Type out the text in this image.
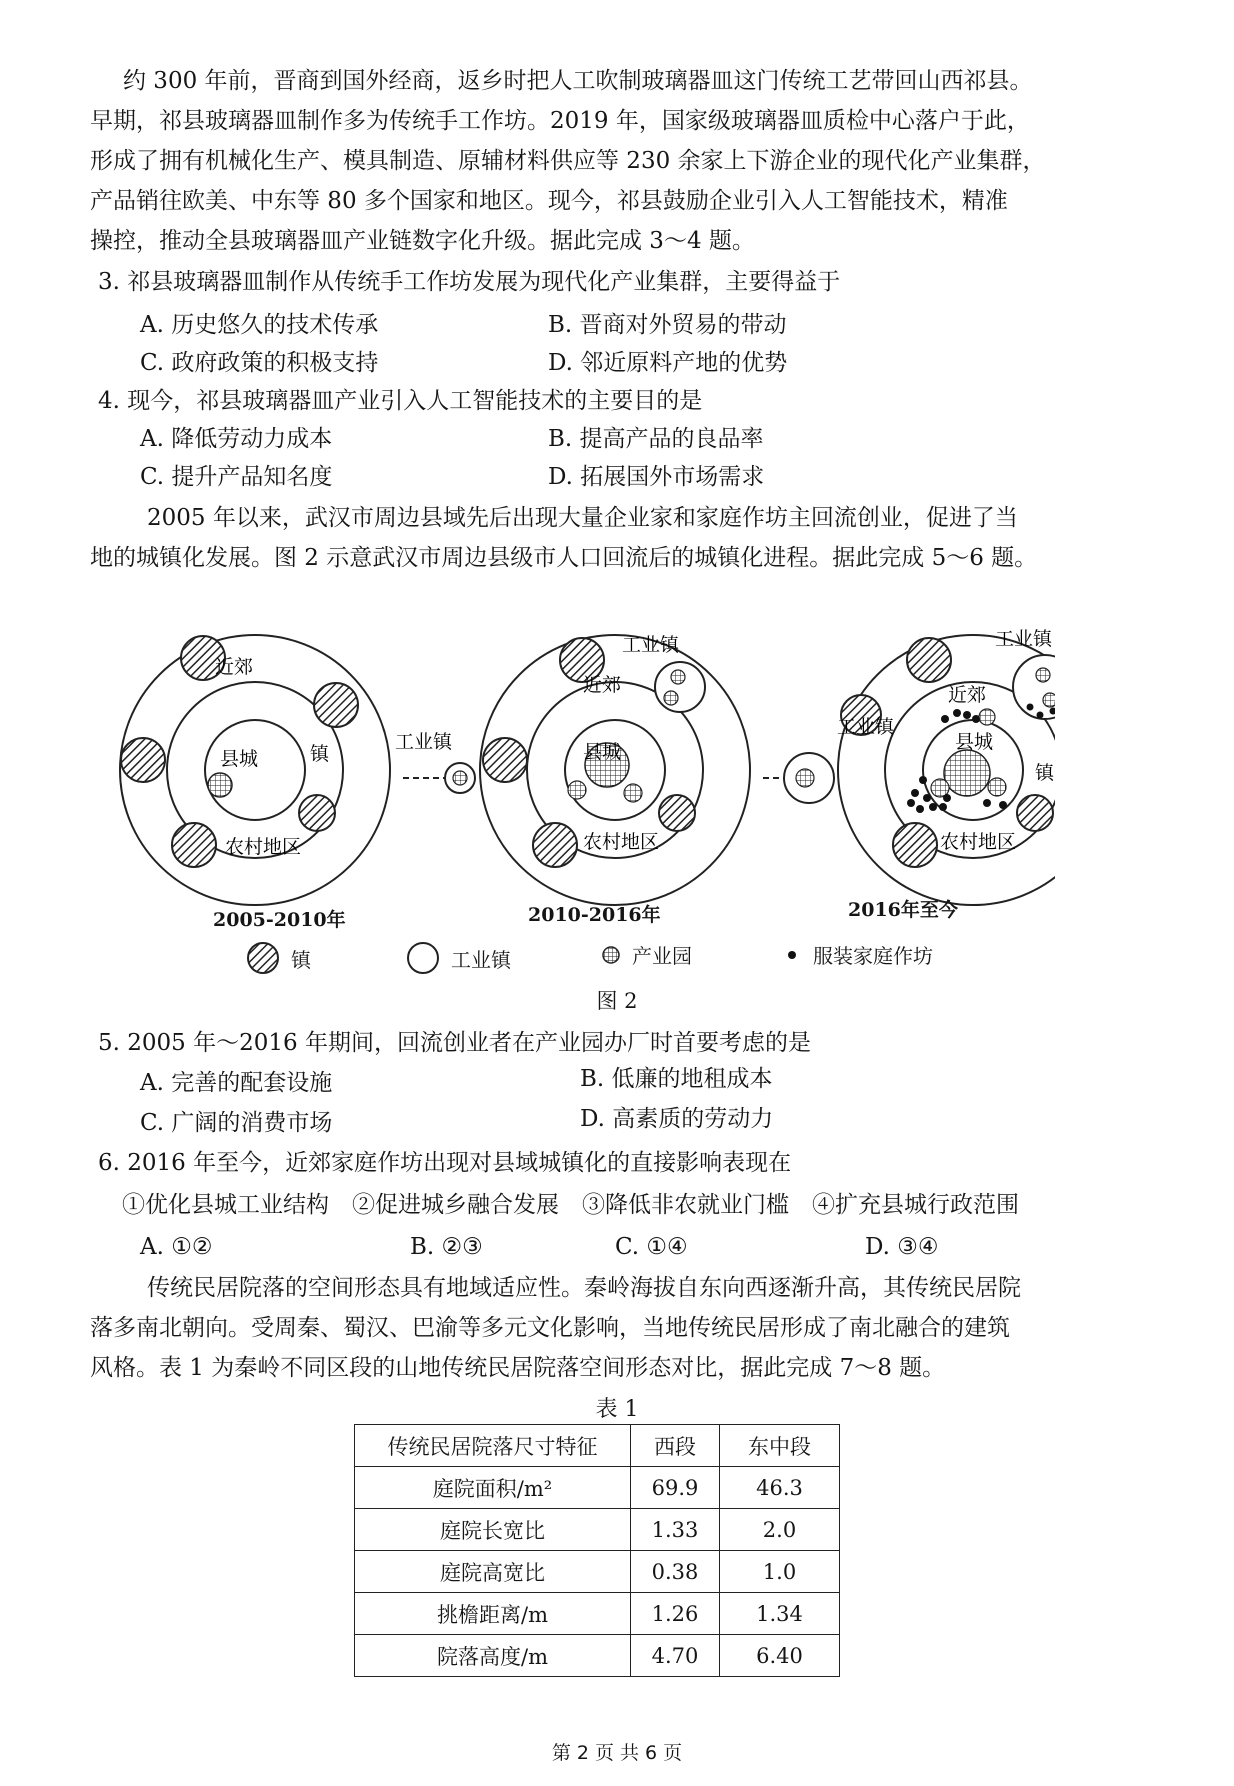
约 300 年前，晋商到国外经商，返乡时把人工吹制玻璃器皿这门传统工艺带回山西祁县。
早期，祁县玻璃器皿制作多为传统手工作坊。2019 年，国家级玻璃器皿质检中心落户于此，
形成了拥有机械化生产、模具制造、原辅材料供应等 230 余家上下游企业的现代化产业集群，
产品销往欧美、中东等 80 多个国家和地区。现今，祁县鼓励企业引入人工智能技术，精准
操控，推动全县玻璃器皿产业链数字化升级。据此完成 3～4 题。
3. 祁县玻璃器皿制作从传统手工作坊发展为现代化产业集群，主要得益于
A. 历史悠久的技术传承	B. 晋商对外贸易的带动
C. 政府政策的积极支持	D. 邻近原料产地的优势
4. 现今，祁县玻璃器皿产业引入人工智能技术的主要目的是
A. 降低劳动力成本	B. 提高产品的良品率
C. 提升产品知名度	D. 拓展国外市场需求
2005 年以来，武汉市周边县域先后出现大量企业家和家庭作坊主回流创业，促进了当
地的城镇化发展。图 2 示意武汉市周边县级市人口回流后的城镇化进程。据此完成 5～6 题。
近郊
县城	镇
农村地区
工业镇
近郊
县城
工业镇
农村地区
工业镇
近郊
县城
工业镇
镇
农村地区
2005-2010年	2010-2016年	2016年至今
镇	工业镇	产业园	服装家庭作坊
图 2
5. 2005 年～2016 年期间，回流创业者在产业园办厂时首要考虑的是
A. 完善的配套设施	B. 低廉的地租成本
C. 广阔的消费市场	D. 高素质的劳动力
6. 2016 年至今，近郊家庭作坊出现对县域城镇化的直接影响表现在
①优化县城工业结构　②促进城乡融合发展　③降低非农就业门槛　④扩充县城行政范围
A. ①②	B. ②③	C. ①④	D. ③④
传统民居院落的空间形态具有地域适应性。秦岭海拔自东向西逐渐升高，其传统民居院
落多南北朝向。受周秦、蜀汉、巴渝等多元文化影响，当地传统民居形成了南北融合的建筑
风格。表 1 为秦岭不同区段的山地传统民居院落空间形态对比，据此完成 7～8 题。
表 1
传统民居院落尺寸特征	西段	东中段
庭院面积/m²	69.9	46.3
庭院长宽比	1.33	2.0
庭院高宽比	0.38	1.0
挑檐距离/m	1.26	1.34
院落高度/m	4.70	6.40
第 2 页 共 6 页
